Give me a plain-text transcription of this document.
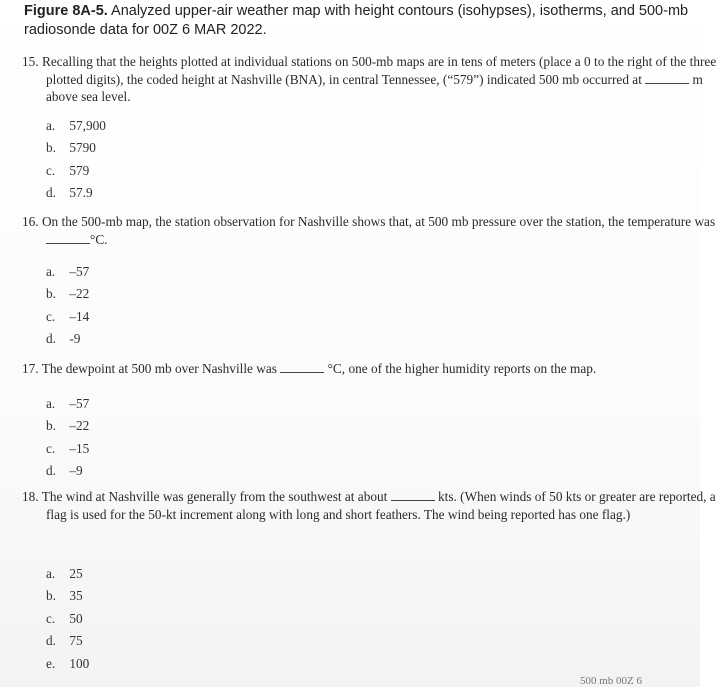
Figure 8A-5. Analyzed upper-air weather map with height contours (isohypses), isotherms, and 500-mb radiosonde data for 00Z 6 MAR 2022.
15. Recalling that the heights plotted at individual stations on 500-mb maps are in tens of meters (place a 0 to the right of the three plotted digits), the coded height at Nashville (BNA), in central Tennessee, (“579”) indicated 500 mb occurred at	m above sea level.
a. 57,900
b. 5790
c. 579
d. 57.9
16. On the 500-mb map, the station observation for Nashville shows that, at 500 mb pressure over the station, the temperature was °C.
a. –57
b. –22
c. –14
d. -9
17. The dewpoint at 500 mb over Nashville was	°C, one of the higher humidity reports on the map.
a. –57
b. –22
c. –15
d. –9
18. The wind at Nashville was generally from the southwest at about	kts. (When winds of 50 kts or greater are reported, a flag is used for the 50-kt increment along with long and short feathers. The wind being reported has one flag.)
a. 25
b. 35
c. 50
d. 75
e. 100
500 mb 00Z 6
